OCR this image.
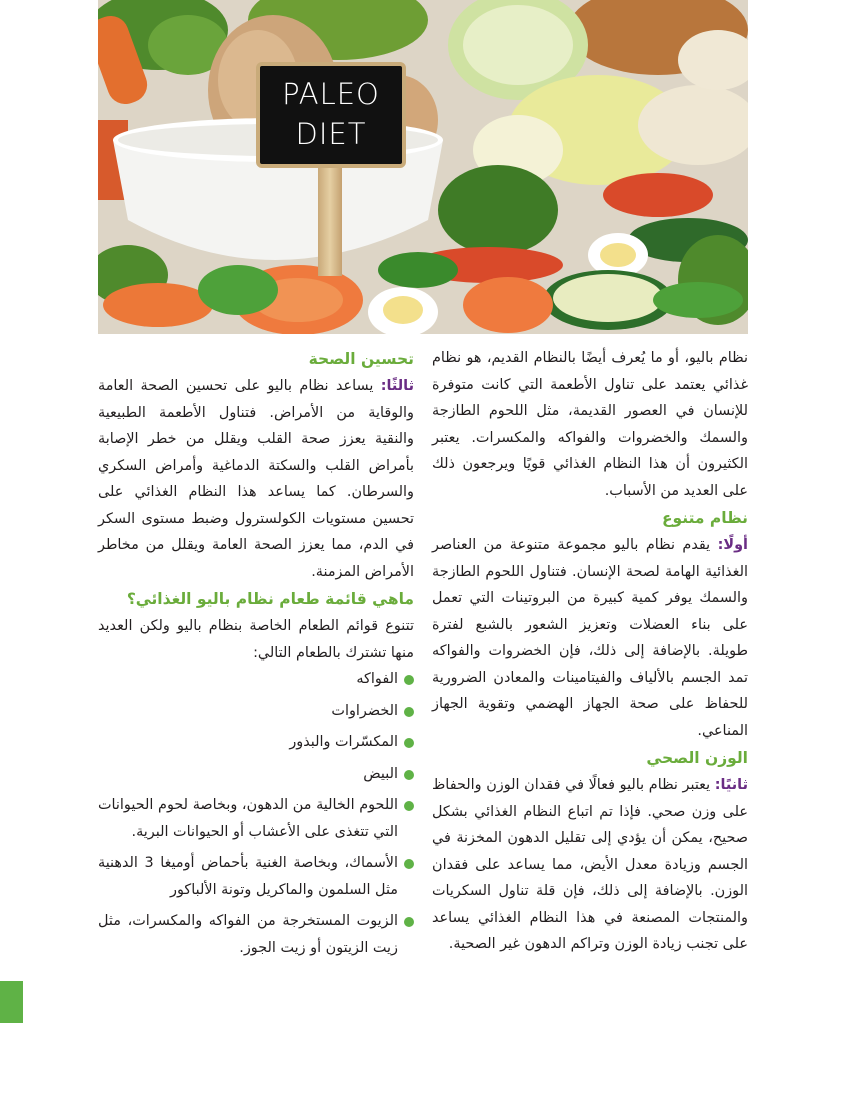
PALEO
DIET

نظام باليو، أو ما يُعرف أيضًا بالنظام القديم، هو نظام غذائي يعتمد على تناول الأطعمة التي كانت متوفرة للإنسان في العصور القديمة، مثل اللحوم الطازجة والسمك والخضروات والفواكه والمكسرات. يعتبر الكثيرون أن هذا النظام الغذائي قويًا ويرجعون ذلك على العديد من الأسباب.

نظام متنوع

أولًا: يقدم نظام باليو مجموعة متنوعة من العناصر الغذائية الهامة لصحة الإنسان. فتناول اللحوم الطازجة والسمك يوفر كمية كبيرة من البروتينات التي تعمل على بناء العضلات وتعزيز الشعور بالشبع لفترة طويلة. بالإضافة إلى ذلك، فإن الخضروات والفواكه تمد الجسم بالألياف والفيتامينات والمعادن الضرورية للحفاظ على صحة الجهاز الهضمي وتقوية الجهاز المناعي.

الوزن الصحي

ثانيًا: يعتبر نظام باليو فعالًا في فقدان الوزن والحفاظ على وزن صحي. فإذا تم اتباع النظام الغذائي بشكل صحيح، يمكن أن يؤدي إلى تقليل الدهون المخزنة في الجسم وزيادة معدل الأيض، مما يساعد على فقدان الوزن. بالإضافة إلى ذلك، فإن قلة تناول السكريات والمنتجات المصنعة في هذا النظام الغذائي يساعد على تجنب زيادة الوزن وتراكم الدهون غير الصحية.

تحسين الصحة

ثالثًا: يساعد نظام باليو على تحسين الصحة العامة والوقاية من الأمراض. فتناول الأطعمة الطبيعية والنقية يعزز صحة القلب ويقلل من خطر الإصابة بأمراض القلب والسكتة الدماغية وأمراض السكري والسرطان. كما يساعد هذا النظام الغذائي على تحسين مستويات الكولسترول وضبط مستوى السكر في الدم، مما يعزز الصحة العامة ويقلل من مخاطر الأمراض المزمنة.

ماهي قائمة طعام نظام باليو الغذائي؟

تتنوع قوائم الطعام الخاصة بنظام باليو ولكن العديد منها تشترك بالطعام التالي:

الفواكه
الخضراوات
المكسّرات والبذور
البيض
اللحوم الخالية من الدهون، وبخاصة لحوم الحيوانات التي تتغذى على الأعشاب أو الحيوانات البرية.
الأسماك، وبخاصة الغنية بأحماض أوميغا 3 الدهنية مثل السلمون والماكريل وتونة الألباكور
الزيوت المستخرجة من الفواكه والمكسرات، مثل زيت الزيتون أو زيت الجوز.
